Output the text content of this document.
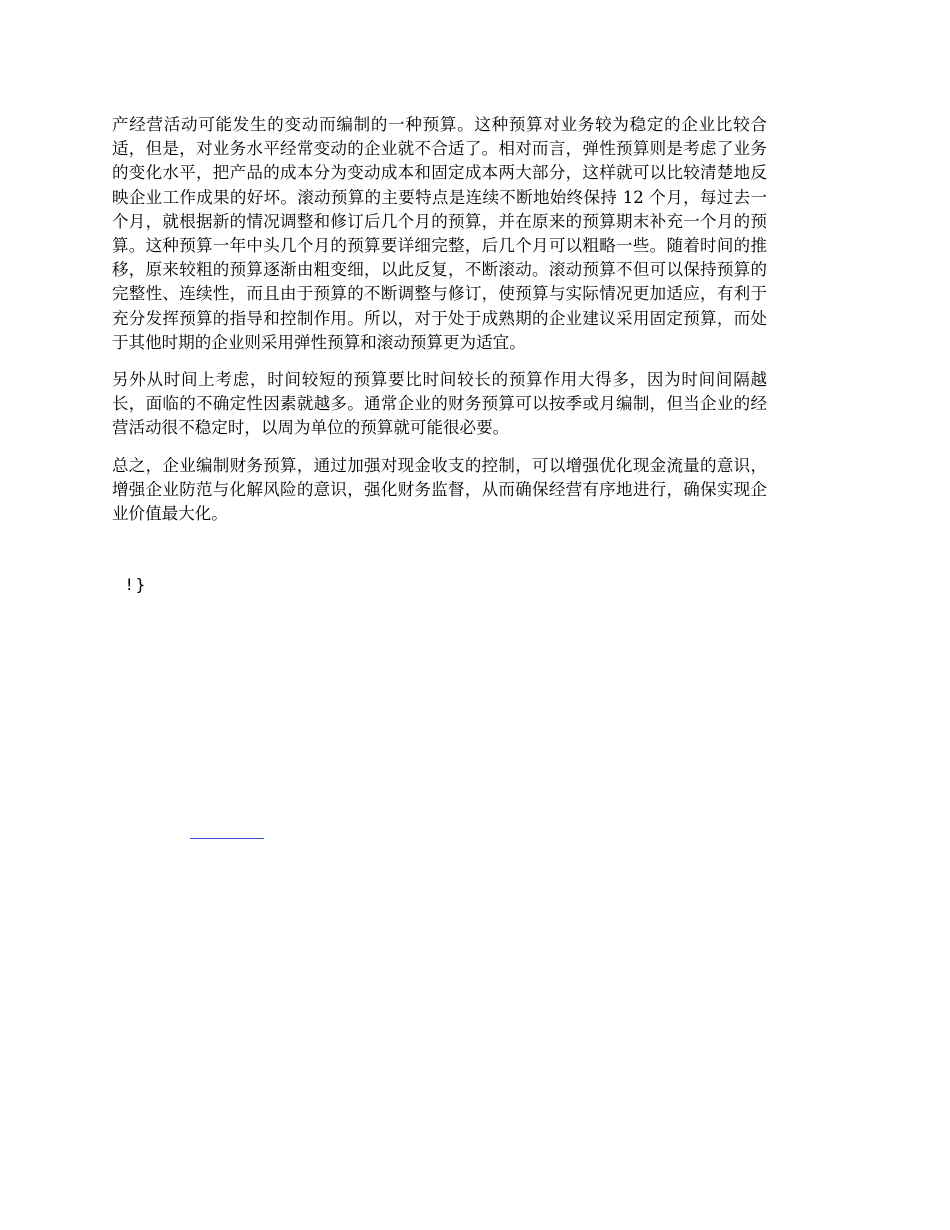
产经营活动可能发生的变动而编制的一种预算。这种预算对业务较为稳定的企业比较合适，但是，对业务水平经常变动的企业就不合适了。相对而言，弹性预算则是考虑了业务的变化水平，把产品的成本分为变动成本和固定成本两大部分，这样就可以比较清楚地反映企业工作成果的好坏。滚动预算的主要特点是连续不断地始终保持 12 个月，每过去一个月，就根据新的情况调整和修订后几个月的预算，并在原来的预算期末补充一个月的预算。这种预算一年中头几个月的预算要详细完整，后几个月可以粗略一些。随着时间的推移，原来较粗的预算逐渐由粗变细，以此反复，不断滚动。滚动预算不但可以保持预算的完整性、连续性，而且由于预算的不断调整与修订，使预算与实际情况更加适应，有利于充分发挥预算的指导和控制作用。所以，对于处于成熟期的企业建议采用固定预算，而处于其他时期的企业则采用弹性预算和滚动预算更为适宜。

另外从时间上考虑，时间较短的预算要比时间较长的预算作用大得多，因为时间间隔越长，面临的不确定性因素就越多。通常企业的财务预算可以按季或月编制，但当企业的经营活动很不稳定时，以周为单位的预算就可能很必要。

总之，企业编制财务预算，通过加强对现金收支的控制，可以增强优化现金流量的意识，增强企业防范与化解风险的意识，强化财务监督，从而确保经营有序地进行，确保实现企业价值最大化。

!}
